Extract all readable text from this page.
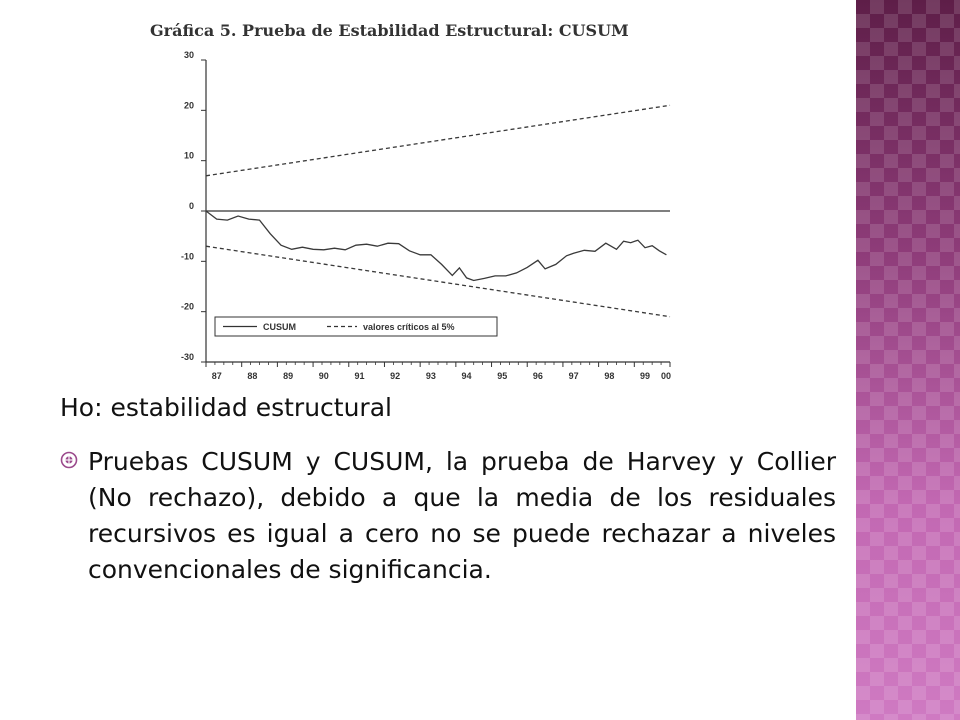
Gráfica 5. Prueba de Estabilidad Estructural: CUSUM
30
20
10
0
-10
-20
-30
87	88	89	90	91	92	93	94	95	96	97	98	99 00
CUSUM	valores críticos al 5%

Ho: estabilidad estructural

Pruebas CUSUM y CUSUM, la prueba de Harvey y Collier (No rechazo), debido a que la media de los residuales recursivos es igual a cero no se puede rechazar a niveles convencionales de significancia.
